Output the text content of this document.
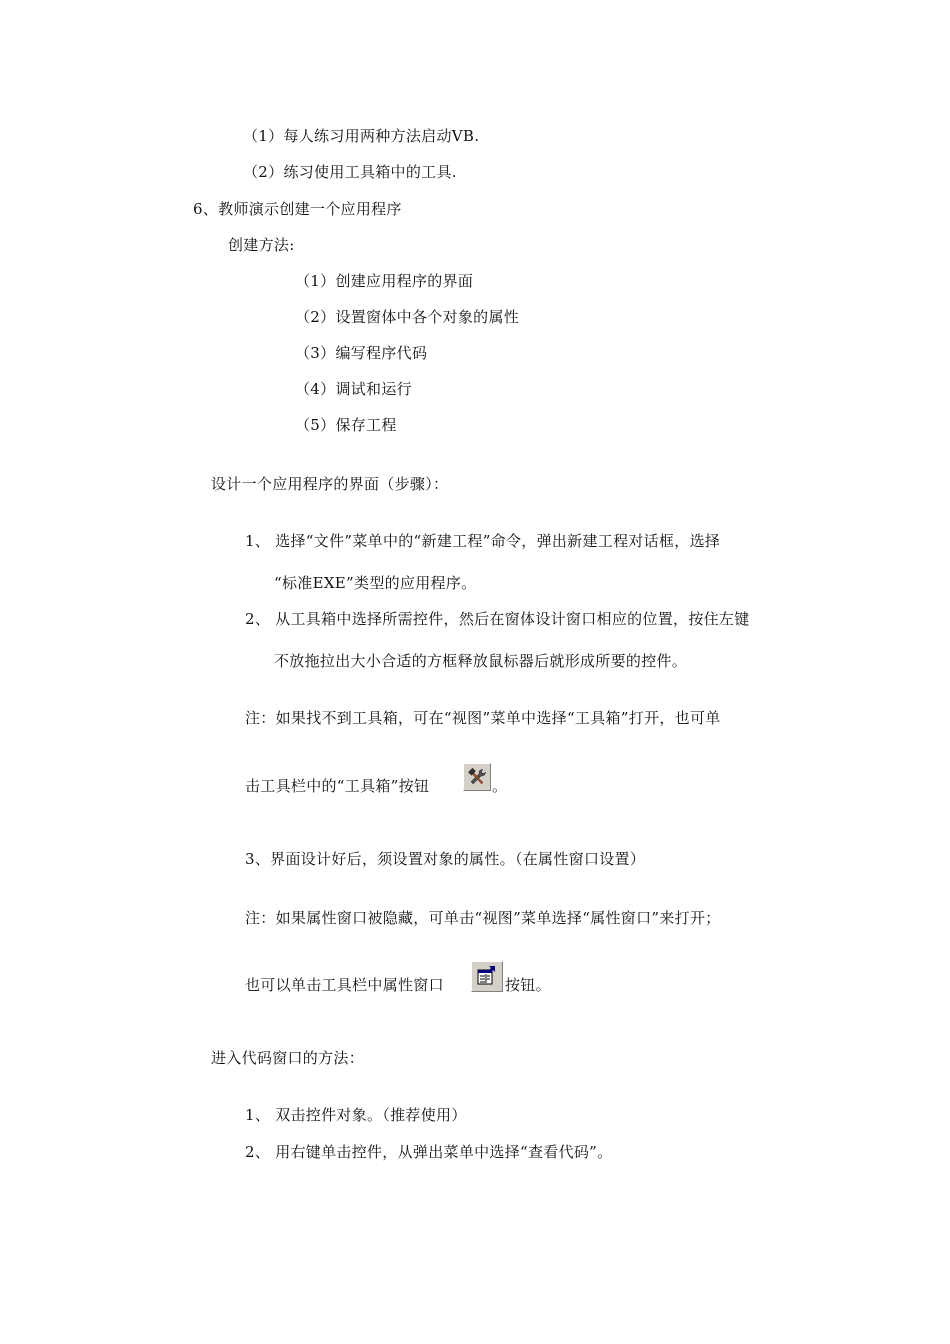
（1）每人练习用两种方法启动VB.
（2）练习使用工具箱中的工具.
6、教师演示创建一个应用程序
创建方法:
（1）创建应用程序的界面
（2）设置窗体中各个对象的属性
（3）编写程序代码
（4）调试和运行
（5）保存工程
设计一个应用程序的界面（步骤）：
1、 选择“文件”菜单中的“新建工程”命令，弹出新建工程对话框，选择
“标准EXE”类型的应用程序。
2、 从工具箱中选择所需控件，然后在窗体设计窗口相应的位置，按住左键
不放拖拉出大小合适的方框释放鼠标器后就形成所要的控件。
注：如果找不到工具箱，可在“视图”菜单中选择“工具箱”打开，也可单
击工具栏中的“工具箱”按钮	。
3、界面设计好后，须设置对象的属性。（在属性窗口设置）
注：如果属性窗口被隐藏，可单击“视图”菜单选择“属性窗口”来打开；
也可以单击工具栏中属性窗口	按钮。
进入代码窗口的方法：
1、 双击控件对象。（推荐使用）
2、 用右键单击控件，从弹出菜单中选择“查看代码”。
